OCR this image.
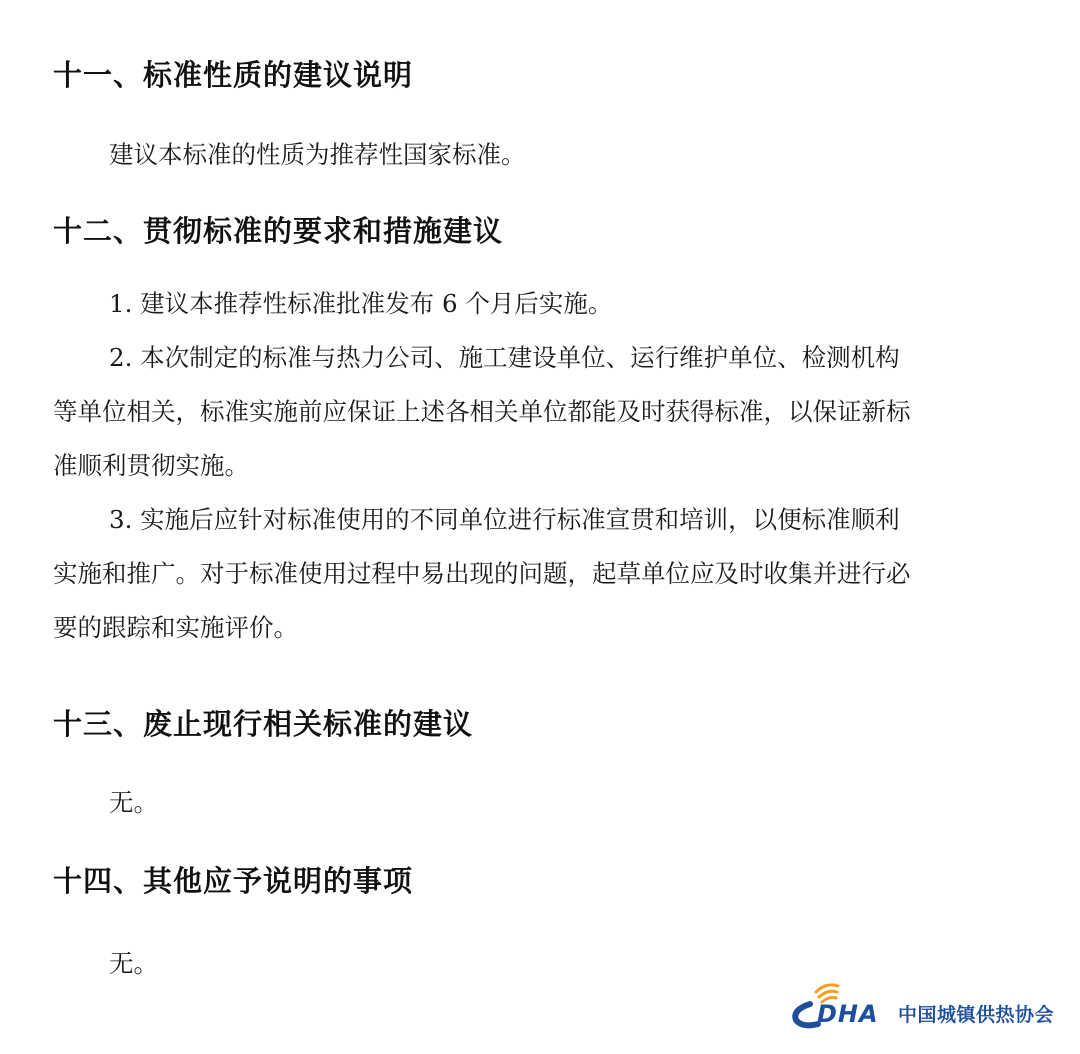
十一、标准性质的建议说明

建议本标准的性质为推荐性国家标准。

十二、贯彻标准的要求和措施建议

1. 建议本推荐性标准批准发布 6 个月后实施。

2. 本次制定的标准与热力公司、施工建设单位、运行维护单位、检测机构
等单位相关，标准实施前应保证上述各相关单位都能及时获得标准，以保证新标
准顺利贯彻实施。

3. 实施后应针对标准使用的不同单位进行标准宣贯和培训，以便标准顺利
实施和推广。对于标准使用过程中易出现的问题，起草单位应及时收集并进行必
要的跟踪和实施评价。

十三、废止现行相关标准的建议

无。

十四、其他应予说明的事项

无。

 DHA 中国城镇供热协会
